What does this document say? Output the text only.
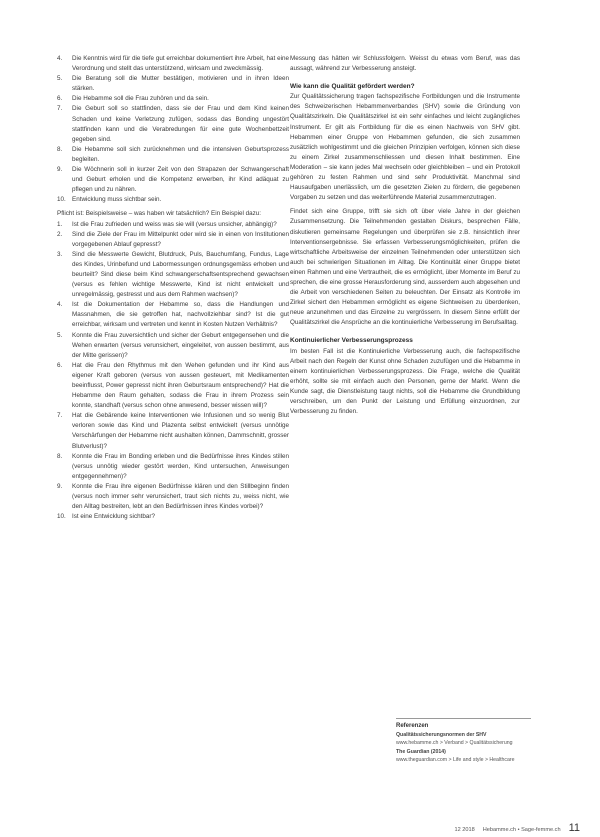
4. Die Kenntnis wird für die tiefe gut erreichbar dokumentiert ihre Arbeit, hat eine Verordnung und stellt das unterstützend, wirksam und zweckmässig.
5. Die Beratung soll die Mutter bestätigen, motivieren und in ihren Ideen stärken.
6. Die Hebamme soll die Frau zuhören und da sein.
7. Die Geburt soll so stattfinden, dass sie der Frau und dem Kind keinen Schaden und keine Verletzung zufügen, sodass das Bonding ungestört stattfinden kann und die Verabredungen für eine gute Wochenbettzeit gegeben sind.
8. Die Hebamme soll sich zurücknehmen und die intensiven Geburtsprozess begleiten.
9. Die Wöchnerin soll in kurzer Zeit von den Strapazen der Schwangerschaft und Geburt erholen und die Kompetenz erwerben, ihr Kind adäquat zu pflegen und zu nähren.
10. Entwicklung muss sichtbar sein.

Pflicht ist: Beispielsweise – was haben wir tatsächlich? Ein Beispiel dazu:

1. Ist die Frau zufrieden und weiss was sie will (versus unsicher, abhängig)?
2. Sind die Ziele der Frau im Mittelpunkt oder wird sie in einen von Institutionen vorgegebenen Ablauf gepresst?
3. Sind die Messwerte Gewicht, Blutdruck, Puls, Bauchumfang, Fundus, Lage des Kindes, Urinbefund und Labormessungen ordnungsgemäss erhoben und beurteilt? Sind diese beim Kind schwangerschaftsentsprechend gewachsen (versus es fehlen wichtige Messwerte, Kind ist nicht entwickelt und unregelmässig, gestresst und aus dem Rahmen wachsen)?
4. Ist die Dokumentation der Hebamme so, dass die Handlungen und Massnahmen, die sie getroffen hat, nachvollziehbar sind? Ist die gut erreichbar, wirksam und vertreten und kennt in Kosten Nutzen Verhältnis?
5. Konnte die Frau zuversichtlich und sicher der Geburt entgegensehen und die Wehen erwarten (versus verunsichert, eingeleitet, von aussen bestimmt, aus der Mitte gerissen)?
6. Hat die Frau den Rhythmus mit den Wehen gefunden und ihr Kind aus eigener Kraft geboren (versus von aussen gesteuert, mit Medikamenten beeinflusst, Power gepresst nicht ihren Geburtsraum entsprechend)? Hat die Hebamme den Raum gehalten, sodass die Frau in ihrem Prozess sein konnte, standhaft (versus schon ohne anwesend, besser wissen will)?
7. Hat die Gebärende keine Interventionen wie Infusionen und so wenig Blut verloren sowie das Kind und Plazenta selbst entwickelt (versus unnötige Verschärfungen der Hebamme nicht aushalten können, Dammschnitt, grosser Blutverlust)?
8. Konnte die Frau im Bonding erleben und die Bedürfnisse ihres Kindes stillen (versus unnötig wieder gestört werden, Kind untersuchen, Anweisungen entgegennehmen)?
9. Konnte die Frau ihre eigenen Bedürfnisse klären und den Stillbeginn finden (versus noch immer sehr verunsichert, traut sich nichts zu, weiss nicht, wie den Alltag bestreiten, lebt an den Bedürfnissen ihres Kindes vorbei)?
10. Ist eine Entwicklung sichtbar?

Messung das hätten wir Schlussfolgern. Weisst du etwas vom Beruf, was das aussagt, während zur Verbesserung ansteigt.

Wie kann die Qualität gefördert werden?

Zur Qualitätssicherung tragen fachspezifische Fortbildungen und die Instrumente des Schweizerischen Hebammenverbandes (SHV) sowie die Gründung von Qualitätszirkeln. Die Qualitätszirkel ist ein sehr einfaches und leicht zugängliches Instrument. Er gilt als Fortbildung für die es einen Nachweis von SHV gibt. Hebammen einer Gruppe von Hebammen gefunden, die sich zusammen zusätzlich wohlgestimmt und die gleichen Prinzipien verfolgen, können sich diese zu einem Zirkel zusammenschliessen und diesen Inhalt bestimmen. Eine Moderation – sie kann jedes Mal wechseln oder gleichbleiben – und ein Protokoll gehören zu festen Rahmen und sind sehr Produktivität. Manchmal sind Hausaufgaben unerlässlich, um die gesetzten Zielen zu fördern, die gegebenen Vorgaben zu setzen und das weiterführende Material zusammenzutragen.

Findet sich eine Gruppe, trifft sie sich oft über viele Jahre in der gleichen Zusammensetzung. Die Teilnehmenden gestalten Diskurs, besprechen Fälle, diskutieren gemeinsame Regelungen und überprüfen sie z.B. hinsichtlich ihrer Interventionsergebnisse. Sie erfassen Verbesserungsmöglichkeiten, prüfen die wirtschaftliche Arbeitsweise der einzelnen Teilnehmenden oder unterstützen sich auch bei schwierigen Situationen im Alltag. Die Kontinuität einer Gruppe bietet einen Rahmen und eine Vertrautheit, die es ermöglicht, über Momente im Beruf zu sprechen, die eine grosse Herausforderung sind, ausserdem auch abgesehen und die Arbeit von verschiedenen Seiten zu beleuchten. Der Einsatz als Kontrolle im Zirkel sichert den Hebammen ermöglicht es eigene Sichtweisen zu überdenken, neue anzunehmen und das Einzelne zu vergrössern. In diesem Sinne erfüllt der Qualitätszirkel die Ansprüche an die kontinuierliche Verbesserung im Berufsalltag.

Kontinuierlicher Verbesserungsprozess

Im besten Fall ist die Kontinuierliche Verbesserung auch, die fachspezifische Arbeit nach den Regeln der Kunst ohne Schaden zuzufügen und die Hebamme in einem kontinuierlichen Verbesserungsprozess. Die Frage, welche die Qualität erhöht, sollte sie mit einfach auch den Personen, gerne der Markt. Wenn die Kunde sagt, die Dienstleistung taugt nichts, soll die Hebamme die Grundbildung verschreiben, um den Punkt der Leistung und Erfüllung einzuordnen, zur Verbesserung zu finden.

Referenzen
Qualitätssicherungsnormen der SHV
www.hebamme.ch > Verband > Qualitätssicherung
The Guardian (2014)
www.theguardian.com > Life and style > Healthcare
12 2018 Hebamme.ch • Sage-femme.ch 11
